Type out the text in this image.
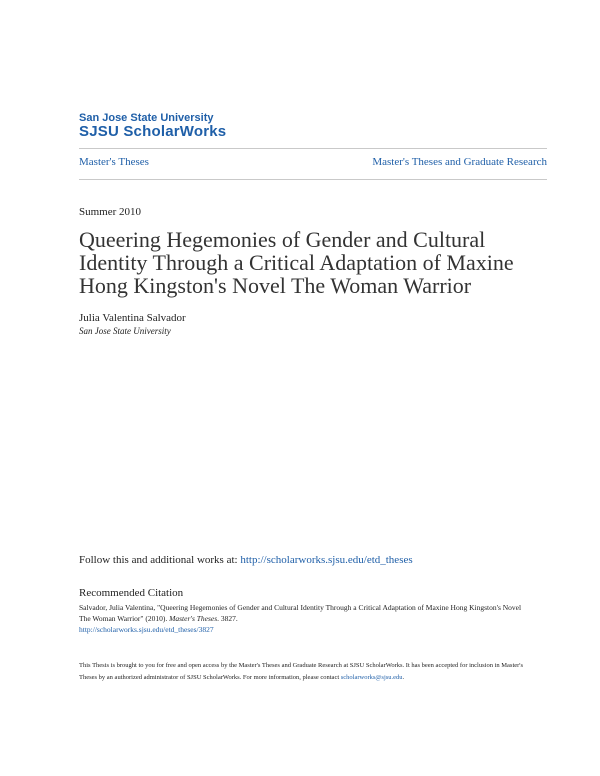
San Jose State University
SJSU ScholarWorks
Master's Theses	Master's Theses and Graduate Research
Summer 2010
Queering Hegemonies of Gender and Cultural Identity Through a Critical Adaptation of Maxine Hong Kingston's Novel The Woman Warrior
Julia Valentina Salvador
San Jose State University
Follow this and additional works at: http://scholarworks.sjsu.edu/etd_theses
Recommended Citation
Salvador, Julia Valentina, "Queering Hegemonies of Gender and Cultural Identity Through a Critical Adaptation of Maxine Hong Kingston's Novel The Woman Warrior" (2010). Master's Theses. 3827.
http://scholarworks.sjsu.edu/etd_theses/3827
This Thesis is brought to you for free and open access by the Master's Theses and Graduate Research at SJSU ScholarWorks. It has been accepted for inclusion in Master's Theses by an authorized administrator of SJSU ScholarWorks. For more information, please contact scholarworks@sjsu.edu.
